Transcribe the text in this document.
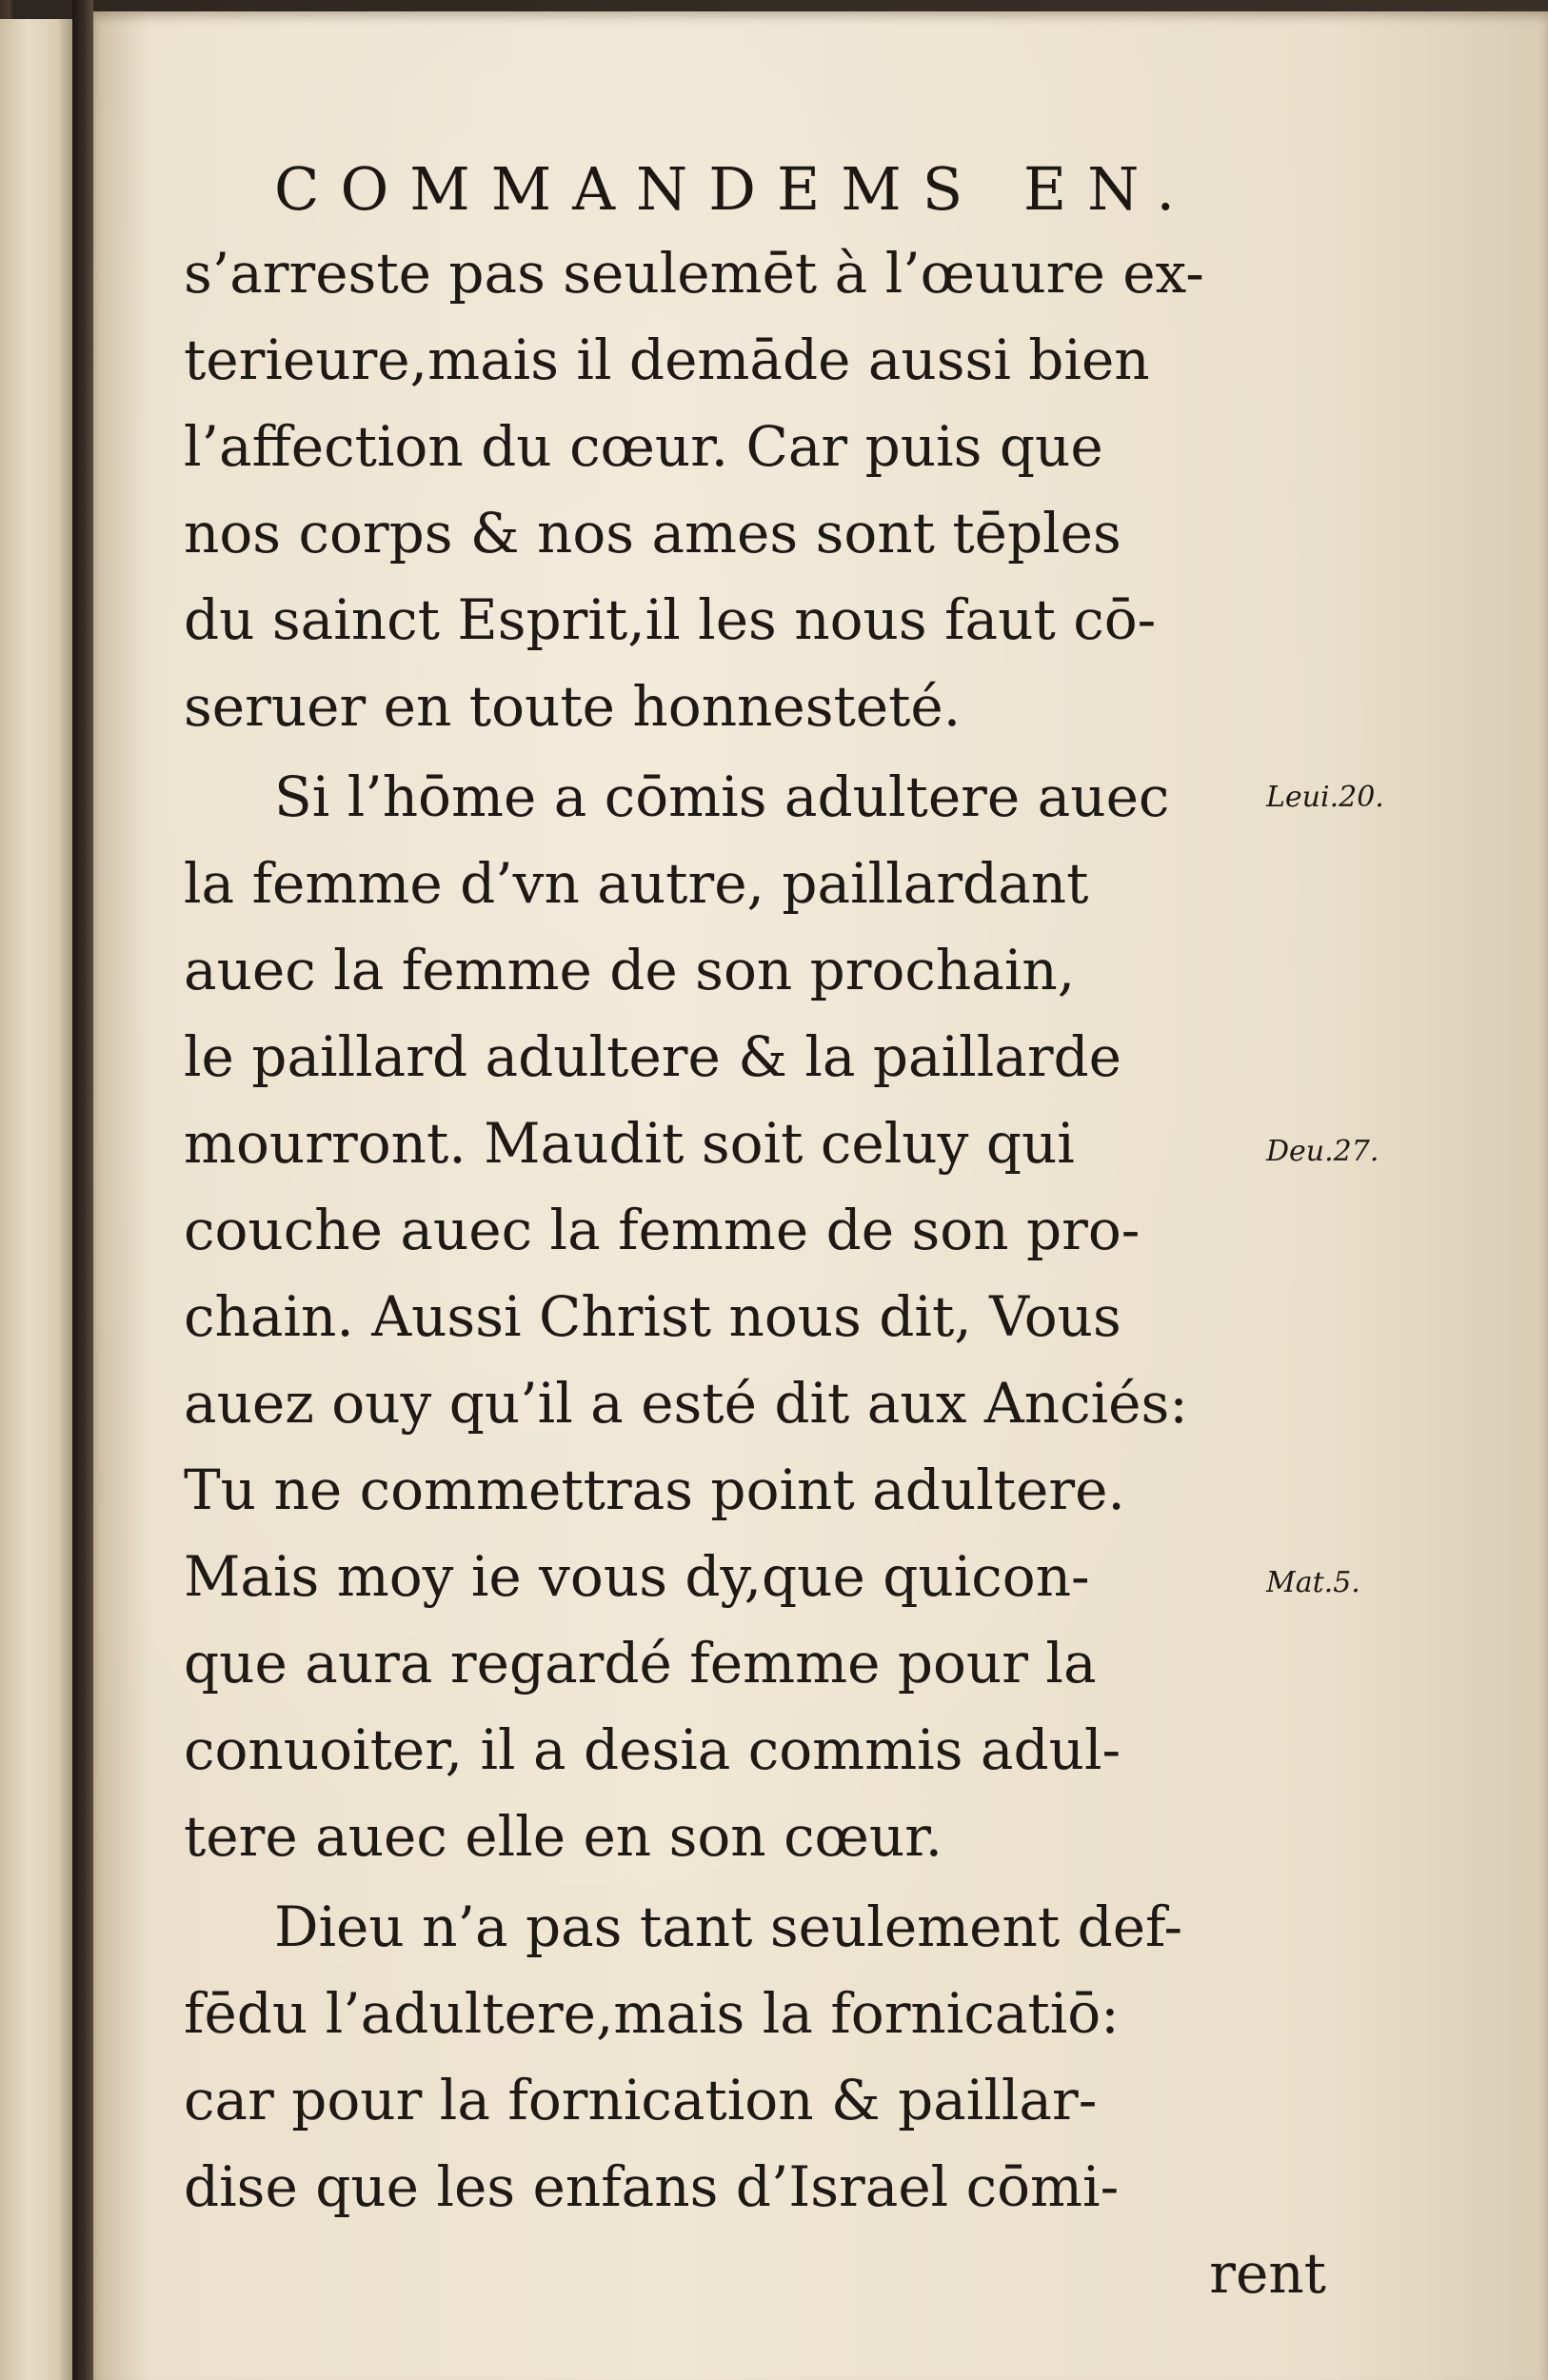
COMMANDEMS EN.
s’arreste pas seulemēt à l’œuure ex-
terieure,mais il demāde aussi bien
l’affection du cœur. Car puis que
nos corps & nos ames sont tēples
du sainct Esprit,il les nous faut cō-
seruer en toute honnesteté.
Si l’hōme a cōmis adultere auec
la femme d’vn autre, paillardant
auec la femme de son prochain,
le paillard adultere & la paillarde
mourront. Maudit soit celuy qui
couche auec la femme de son pro-
chain. Aussi Christ nous dit, Vous
auez ouy qu’il a esté dit aux Anciés:
Tu ne commettras point adultere.
Mais moy ie vous dy,que quicon-
que aura regardé femme pour la
conuoiter, il a desia commis adul-
tere auec elle en son cœur.
Dieu n’a pas tant seulement def-
fēdu l’adultere,mais la fornicatiō:
car pour la fornication & paillar-
dise que les enfans d’Israel cōmi-
rent
Leui.20.
Deu.27.
Mat.5.
